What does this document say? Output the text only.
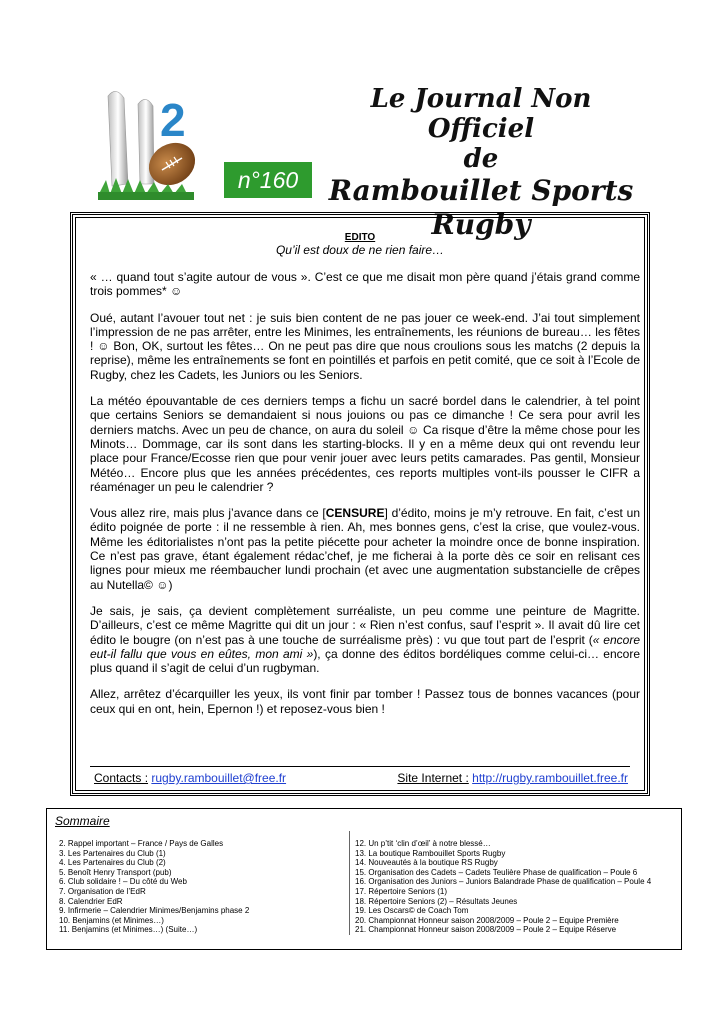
2
n°160
Le Journal Non Officiel
de
Rambouillet Sports Rugby
EDITO
Qu’il est doux de ne rien faire…

« … quand tout s’agite autour de vous ». C’est ce que me disait mon père quand j’étais grand comme trois pommes* ☺

Oué, autant l’avouer tout net : je suis bien content de ne pas jouer ce week-end. J’ai tout simplement l’impression de ne pas arrêter, entre les Minimes, les entraînements, les réunions de bureau… les fêtes ! ☺ Bon, OK, surtout les fêtes… On ne peut pas dire que nous croulions sous les matchs (2 depuis la reprise), même les entraînements se font en pointillés et parfois en petit comité, que ce soit à l’Ecole de Rugby, chez les Cadets, les Juniors ou les Seniors.

La météo épouvantable de ces derniers temps a fichu un sacré bordel dans le calendrier, à tel point que certains Seniors se demandaient si nous jouions ou pas ce dimanche ! Ce sera pour avril les derniers matchs. Avec un peu de chance, on aura du soleil ☺ Ca risque d’être la même chose pour les Minots… Dommage, car ils sont dans les starting-blocks. Il y en a même deux qui ont revendu leur place pour France/Ecosse rien que pour venir jouer avec leurs petits camarades. Pas gentil, Monsieur Météo… Encore plus que les années précédentes, ces reports multiples vont-ils pousser le CIFR a réaménager un peu le calendrier ?

Vous allez rire, mais plus j’avance dans ce [CENSURE] d’édito, moins je m’y retrouve. En fait, c’est un édito poignée de porte : il ne ressemble à rien. Ah, mes bonnes gens, c’est la crise, que voulez-vous. Même les éditorialistes n’ont pas la petite piécette pour acheter la moindre once de bonne inspiration. Ce n’est pas grave, étant également rédac’chef, je me ficherai à la porte dès ce soir en relisant ces lignes pour mieux me réembaucher lundi prochain (et avec une augmentation substancielle de crêpes au Nutella© ☺)

Je sais, je sais, ça devient complètement surréaliste, un peu comme une peinture de Magritte. D’ailleurs, c’est ce même Magritte qui dit un jour : « Rien n’est confus, sauf l’esprit ». Il avait dû lire cet édito le bougre (on n’est pas à une touche de surréalisme près) : vu que tout part de l’esprit (« encore eut-il fallu que vous en eûtes, mon ami »), ça donne des éditos bordéliques comme celui-ci… encore plus quand il s’agit de celui d’un rugbyman.

Allez, arrêtez d’écarquiller les yeux, ils vont finir par tomber ! Passez tous de bonnes vacances (pour ceux qui en ont, hein, Epernon !) et reposez-vous bien !

Contacts : rugby.rambouillet@free.fr	Site Internet : http://rugby.rambouillet.free.fr
Sommaire
2. Rappel important – France / Pays de Galles
3. Les Partenaires du Club (1)
4. Les Partenaires du Club (2)
5. Benoît Henry Transport (pub)
6. Club solidaire ! – Du côté du Web
7. Organisation de l’EdR
8. Calendrier EdR
9. Infirmerie – Calendrier Minimes/Benjamins phase 2
10. Benjamins (et Minimes…)
11. Benjamins (et Minimes…) (Suite…)
12. Un p’tit ‘clin d’œil’ à notre blessé…
13. La boutique Rambouillet Sports Rugby
14. Nouveautés à la boutique RS Rugby
15. Organisation des Cadets – Cadets Teulière Phase de qualification – Poule 6
16. Organisation des Juniors – Juniors Balandrade Phase de qualification – Poule 4
17. Répertoire Seniors (1)
18. Répertoire Seniors (2) – Résultats Jeunes
19. Les Oscars© de Coach Tom
20. Championnat Honneur saison 2008/2009 – Poule 2 – Equipe Première
21. Championnat Honneur saison 2008/2009 – Poule 2 – Equipe Réserve
